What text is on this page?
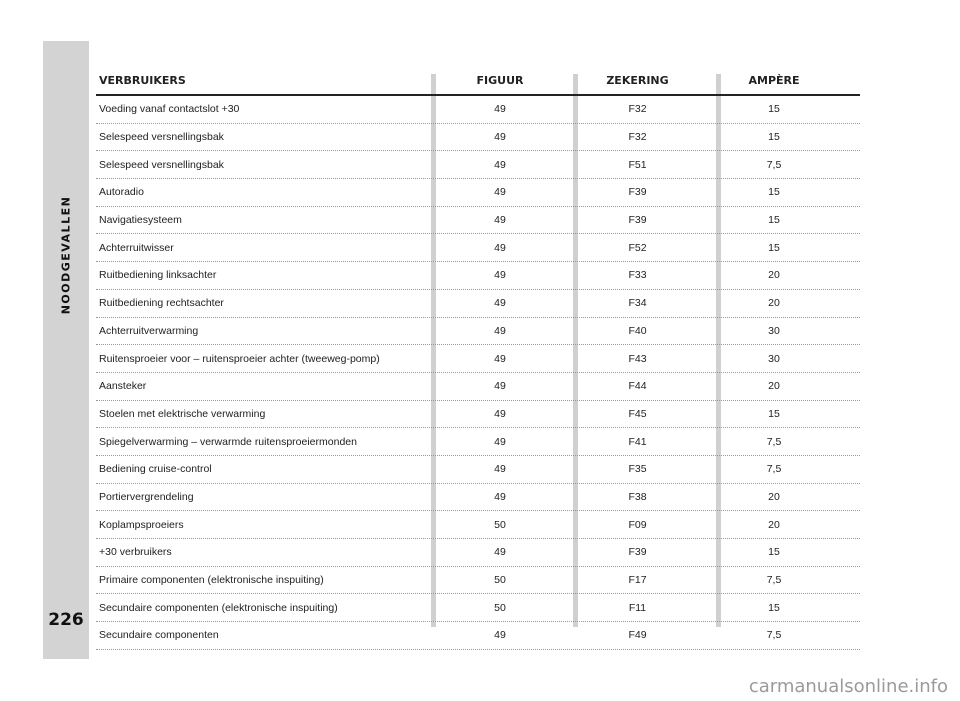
NOODGEVALLEN
226
VERBRUIKERS	FIGUUR	ZEKERING	AMPÈRE
Voeding vanaf contactslot +30	49	F32	15
Selespeed versnellingsbak	49	F32	15
Selespeed versnellingsbak	49	F51	7,5
Autoradio	49	F39	15
Navigatiesysteem	49	F39	15
Achterruitwisser	49	F52	15
Ruitbediening linksachter	49	F33	20
Ruitbediening rechtsachter	49	F34	20
Achterruitverwarming	49	F40	30
Ruitensproeier voor – ruitensproeier achter (tweeweg-pomp)	49	F43	30
Aansteker	49	F44	20
Stoelen met elektrische verwarming	49	F45	15
Spiegelverwarming – verwarmde ruitensproeiermonden	49	F41	7,5
Bediening cruise-control	49	F35	7,5
Portiervergrendeling	49	F38	20
Koplampsproeiers	50	F09	20
+30 verbruikers	49	F39	15
Primaire componenten (elektronische inspuiting)	50	F17	7,5
Secundaire componenten (elektronische inspuiting)	50	F11	15
Secundaire componenten	49	F49	7,5
carmanualsonline.info
